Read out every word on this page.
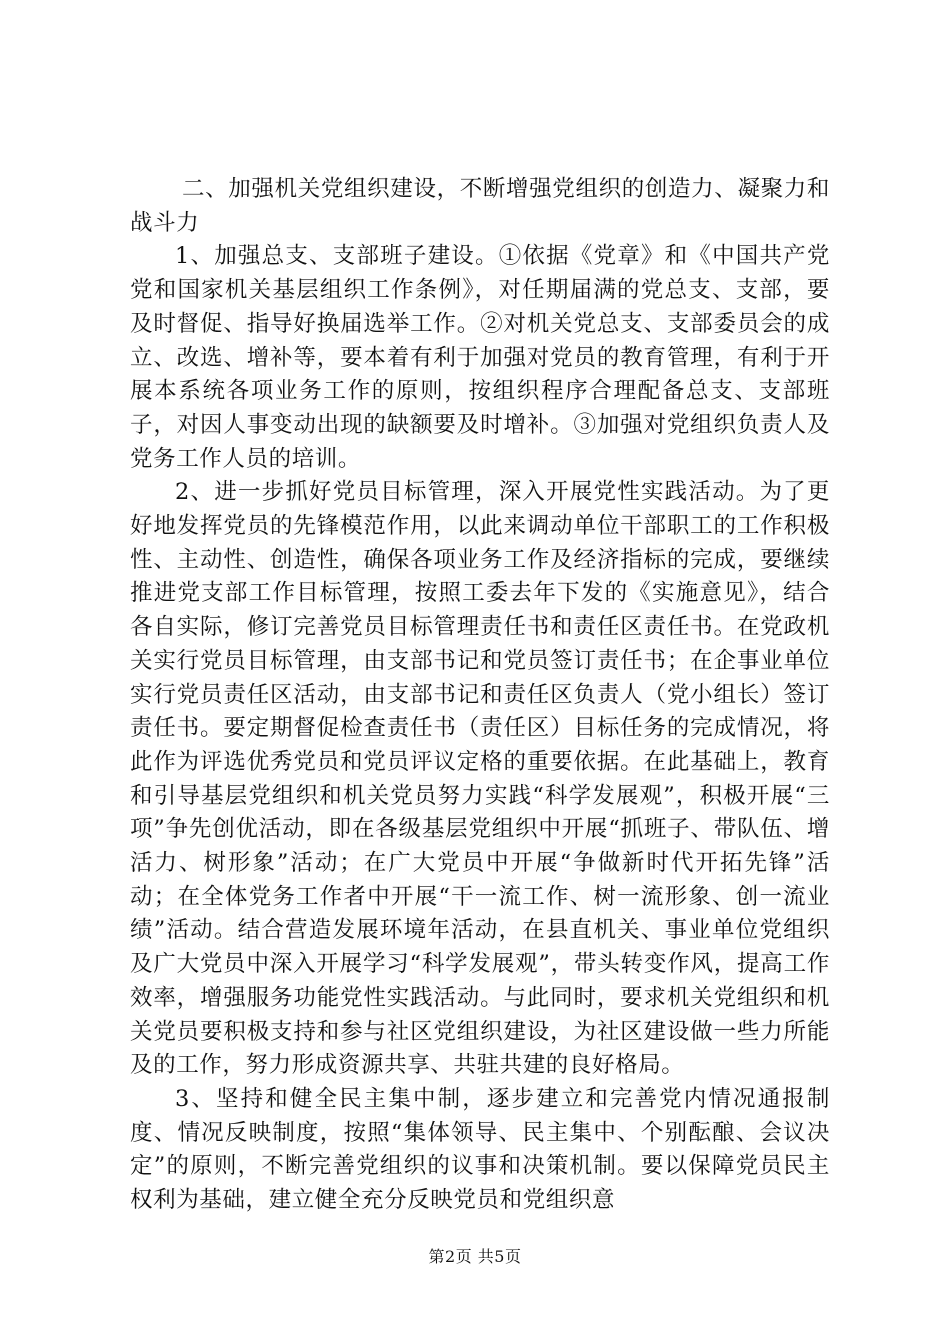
二、加强机关党组织建设，不断增强党组织的创造力、凝聚力和战斗力

1、加强总支、支部班子建设。①依据《党章》和《中国共产党党和国家机关基层组织工作条例》，对任期届满的党总支、支部，要及时督促、指导好换届选举工作。②对机关党总支、支部委员会的成立、改选、增补等，要本着有利于加强对党员的教育管理，有利于开展本系统各项业务工作的原则，按组织程序合理配备总支、支部班子，对因人事变动出现的缺额要及时增补。③加强对党组织负责人及党务工作人员的培训。

2、进一步抓好党员目标管理，深入开展党性实践活动。为了更好地发挥党员的先锋模范作用，以此来调动单位干部职工的工作积极性、主动性、创造性，确保各项业务工作及经济指标的完成，要继续推进党支部工作目标管理，按照工委去年下发的《实施意见》，结合各自实际，修订完善党员目标管理责任书和责任区责任书。在党政机关实行党员目标管理，由支部书记和党员签订责任书；在企事业单位实行党员责任区活动，由支部书记和责任区负责人（党小组长）签订责任书。要定期督促检查责任书（责任区）目标任务的完成情况，将此作为评选优秀党员和党员评议定格的重要依据。在此基础上，教育和引导基层党组织和机关党员努力实践“科学发展观”，积极开展“三项”争先创优活动，即在各级基层党组织中开展“抓班子、带队伍、增活力、树形象”活动；在广大党员中开展“争做新时代开拓先锋”活动；在全体党务工作者中开展“干一流工作、树一流形象、创一流业绩”活动。结合营造发展环境年活动，在县直机关、事业单位党组织及广大党员中深入开展学习“科学发展观”，带头转变作风，提高工作效率，增强服务功能党性实践活动。与此同时，要求机关党组织和机关党员要积极支持和参与社区党组织建设，为社区建设做一些力所能及的工作，努力形成资源共享、共驻共建的良好格局。

3、坚持和健全民主集中制，逐步建立和完善党内情况通报制度、情况反映制度，按照“集体领导、民主集中、个别酝酿、会议决定”的原则，不断完善党组织的议事和决策机制。要以保障党员民主权利为基础，建立健全充分反映党员和党组织意

第2页 共5页
